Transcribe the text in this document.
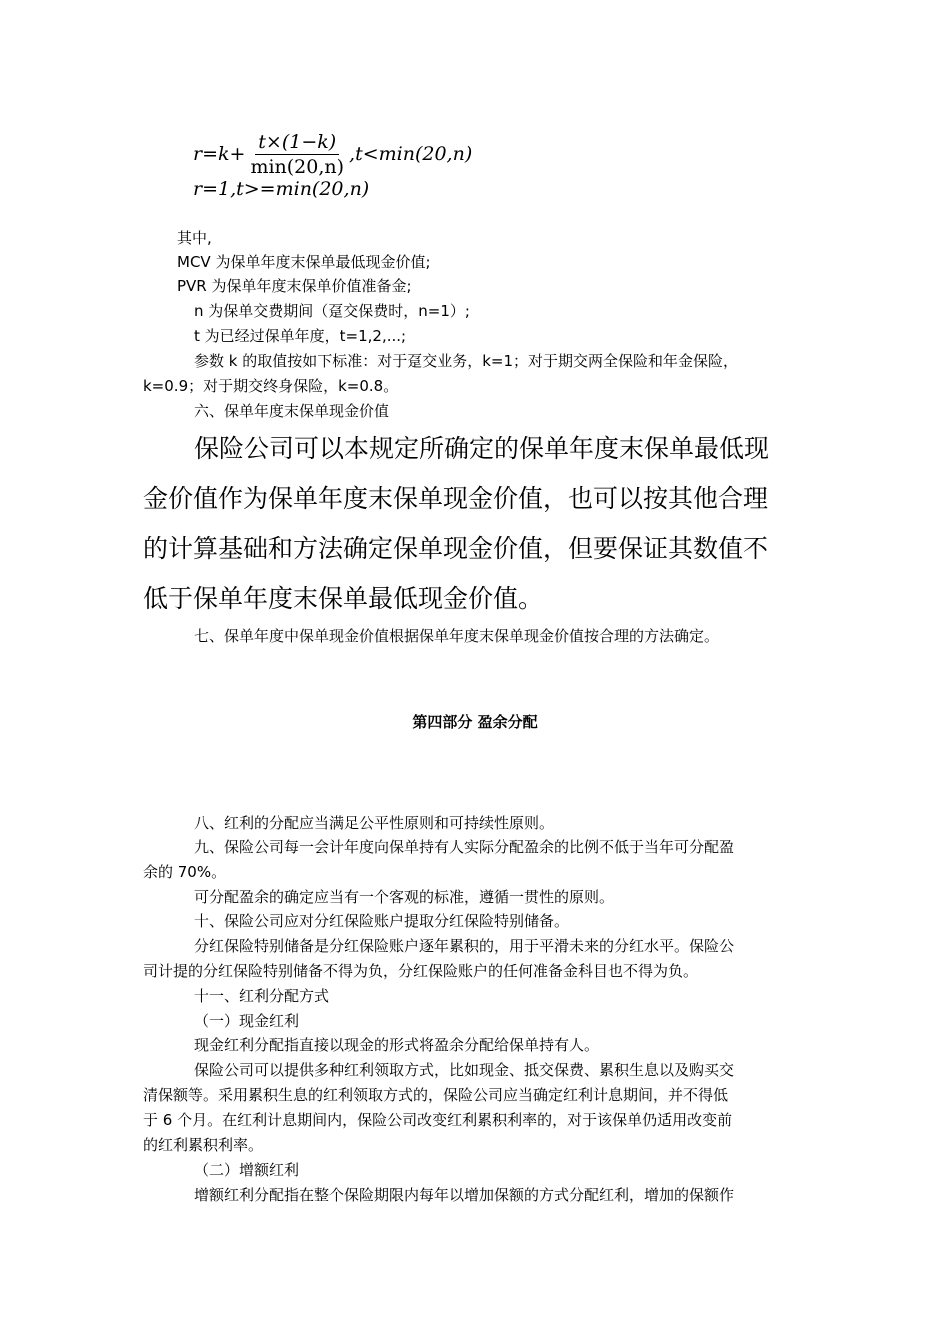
$r=k+ \frac{t\times(1-k)}{\min(20,n)} ,t<\min(20,n)$
r=1,t>=min(20,n)
其中,
MCV 为保单年度末保单最低现金价值;
PVR 为保单年度末保单价值准备金;
n 为保单交费期间（趸交保费时，n=1）;
t 为已经过保单年度，t=1,2,...;
参数 k 的取值按如下标准：对于趸交业务，k=1；对于期交两全保险和年金保险，
k=0.9；对于期交终身保险，k=0.8。
六、保单年度末保单现金价值
保险公司可以本规定所确定的保单年度末保单最低现
金价值作为保单年度末保单现金价值，也可以按其他合理
的计算基础和方法确定保单现金价值，但要保证其数值不
低于保单年度末保单最低现金价值。
七、保单年度中保单现金价值根据保单年度末保单现金价值按合理的方法确定。
第四部分 盈余分配
八、红利的分配应当满足公平性原则和可持续性原则。
九、保险公司每一会计年度向保单持有人实际分配盈余的比例不低于当年可分配盈
余的 70%。
可分配盈余的确定应当有一个客观的标准，遵循一贯性的原则。
十、保险公司应对分红保险账户提取分红保险特别储备。
分红保险特别储备是分红保险账户逐年累积的，用于平滑未来的分红水平。保险公
司计提的分红保险特别储备不得为负，分红保险账户的任何准备金科目也不得为负。
十一、红利分配方式
（一）现金红利
现金红利分配指直接以现金的形式将盈余分配给保单持有人。
保险公司可以提供多种红利领取方式，比如现金、抵交保费、累积生息以及购买交
清保额等。采用累积生息的红利领取方式的，保险公司应当确定红利计息期间，并不得低
于 6 个月。在红利计息期间内，保险公司改变红利累积利率的，对于该保单仍适用改变前
的红利累积利率。
（二）增额红利
增额红利分配指在整个保险期限内每年以增加保额的方式分配红利，增加的保额作
